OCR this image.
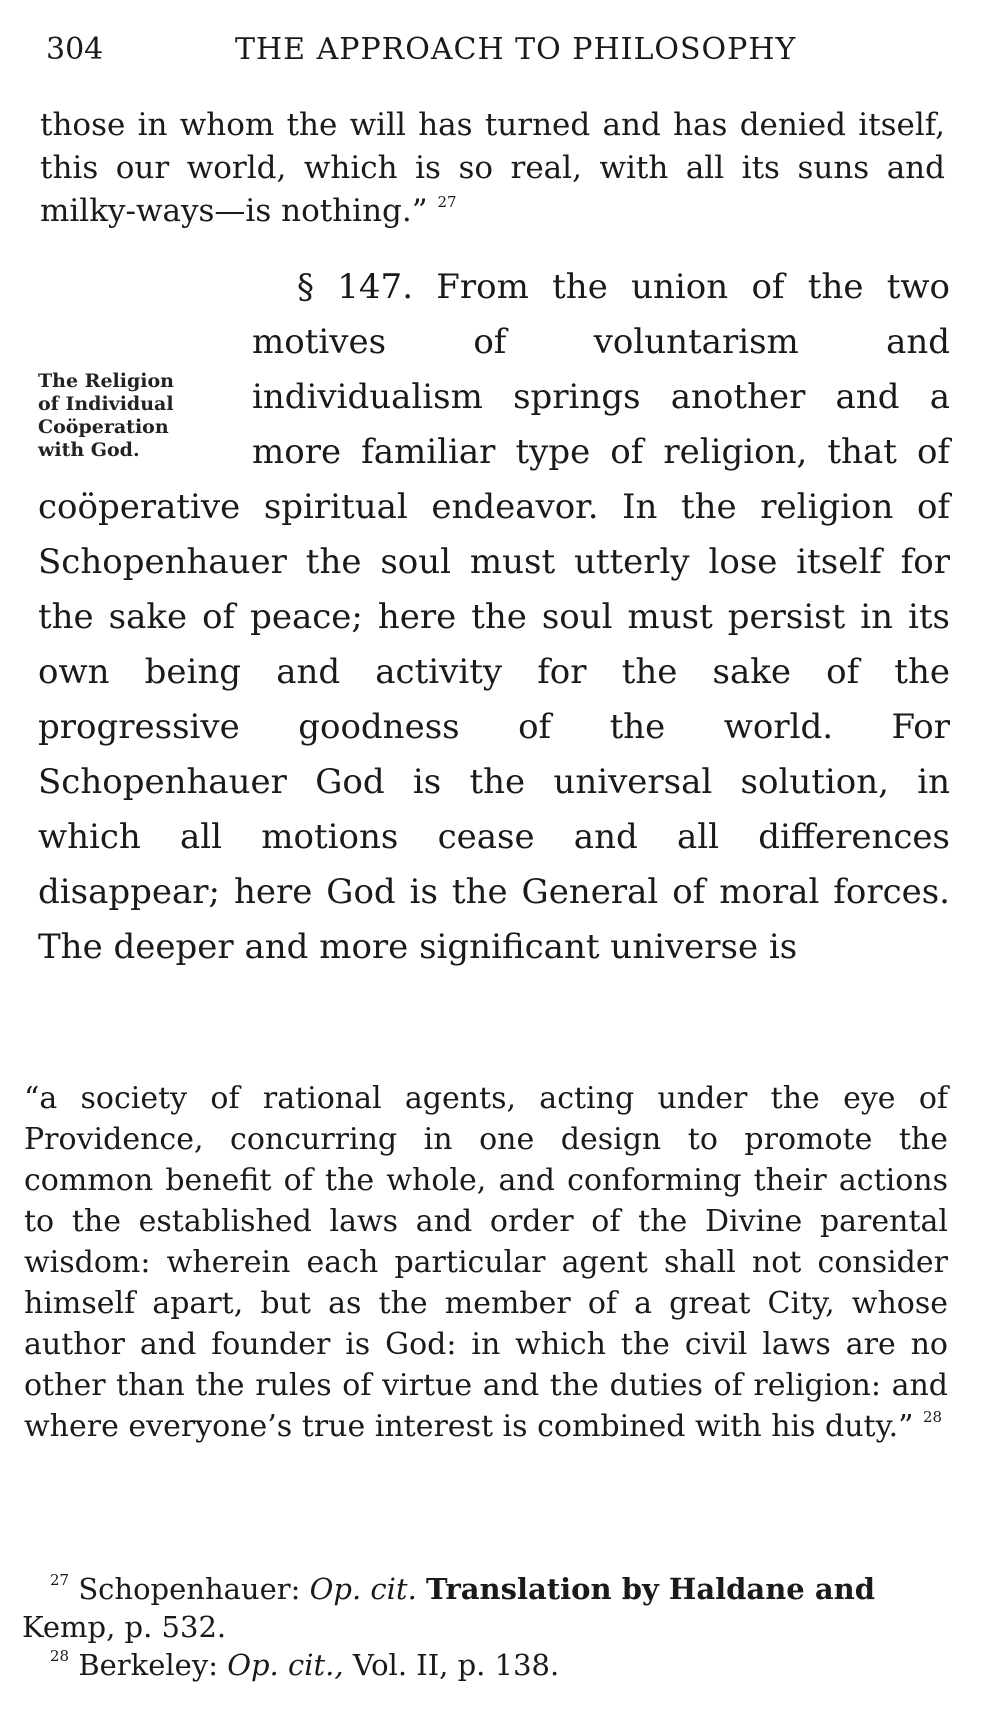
304	THE APPROACH TO PHILOSOPHY

those in whom the will has turned and has denied itself, this our world, which is so real, with all its suns and milky-ways—is nothing.” $^{27}$

The Religion
of Individual
Coöperation
with God.
§ 147. From the union of the two motives of voluntarism and individualism springs another and a more familiar type of religion, that of coöperative spiritual endeavor. In the religion of Schopenhauer the soul must utterly lose itself for the sake of peace; here the soul must persist in its own being and activity for the sake of the progressive goodness of the world. For Schopenhauer God is the universal solution, in which all motions cease and all differences disappear; here God is the General of moral forces. The deeper and more significant universe is

“a society of rational agents, acting under the eye of Providence, concurring in one design to promote the common benefit of the whole, and conforming their actions to the established laws and order of the Divine parental wisdom: wherein each particular agent shall not consider himself apart, but as the member of a great City, whose author and founder is God: in which the civil laws are no other than the rules of virtue and the duties of religion: and where everyone’s true interest is combined with his duty.” $^{28}$

$^{27}$ Schopenhauer: Op. cit. Translation by Haldane and

Kemp, p. 532.

$^{28}$ Berkeley: Op. cit., Vol. II, p. 138.
